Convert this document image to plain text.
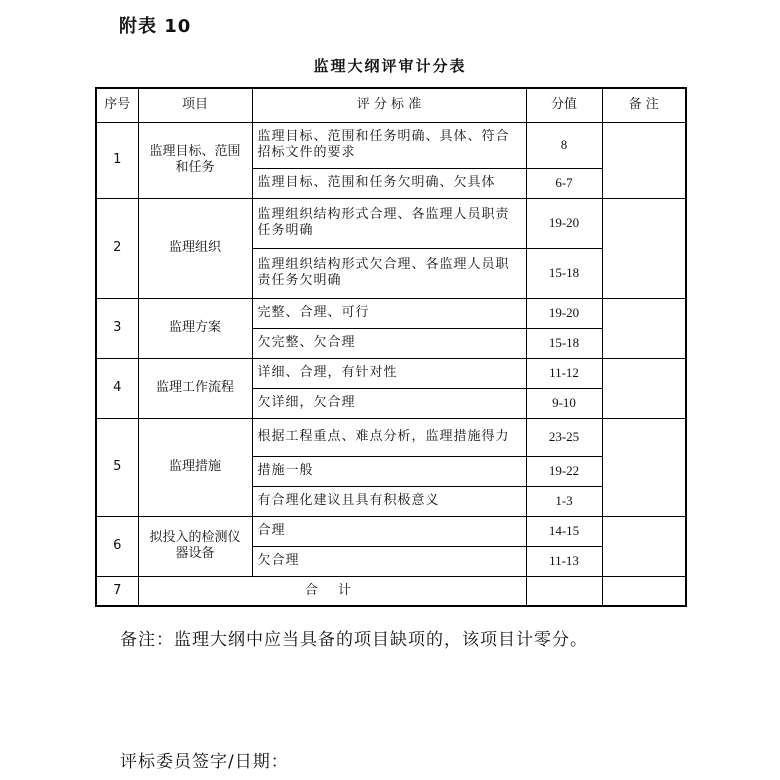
附表 10
监理大纲评审计分表
序号	项目	评 分 标 准	分值	备 注
1	监理目标、范围和任务	监理目标、范围和任务明确、具体、符合招标文件的要求	8	
		监理目标、范围和任务欠明确、欠具体	6-7	
2	监理组织	监理组织结构形式合理、各监理人员职责任务明确	19-20	
		监理组织结构形式欠合理、各监理人员职责任务欠明确	15-18	
3	监理方案	完整、合理、可行	19-20	
		欠完整、欠合理	15-18	
4	监理工作流程	详细、合理，有针对性	11-12	
		欠详细，欠合理	9-10	
5	监理措施	根据工程重点、难点分析，监理措施得力	23-25	
		措施一般	19-22	
		有合理化建议且具有积极意义	1-3	
6	拟投入的检测仪器设备	合理	14-15	
		欠合理	11-13	
7	合 计			
备注：监理大纲中应当具备的项目缺项的，该项目计零分。
评标委员签字/日期：
